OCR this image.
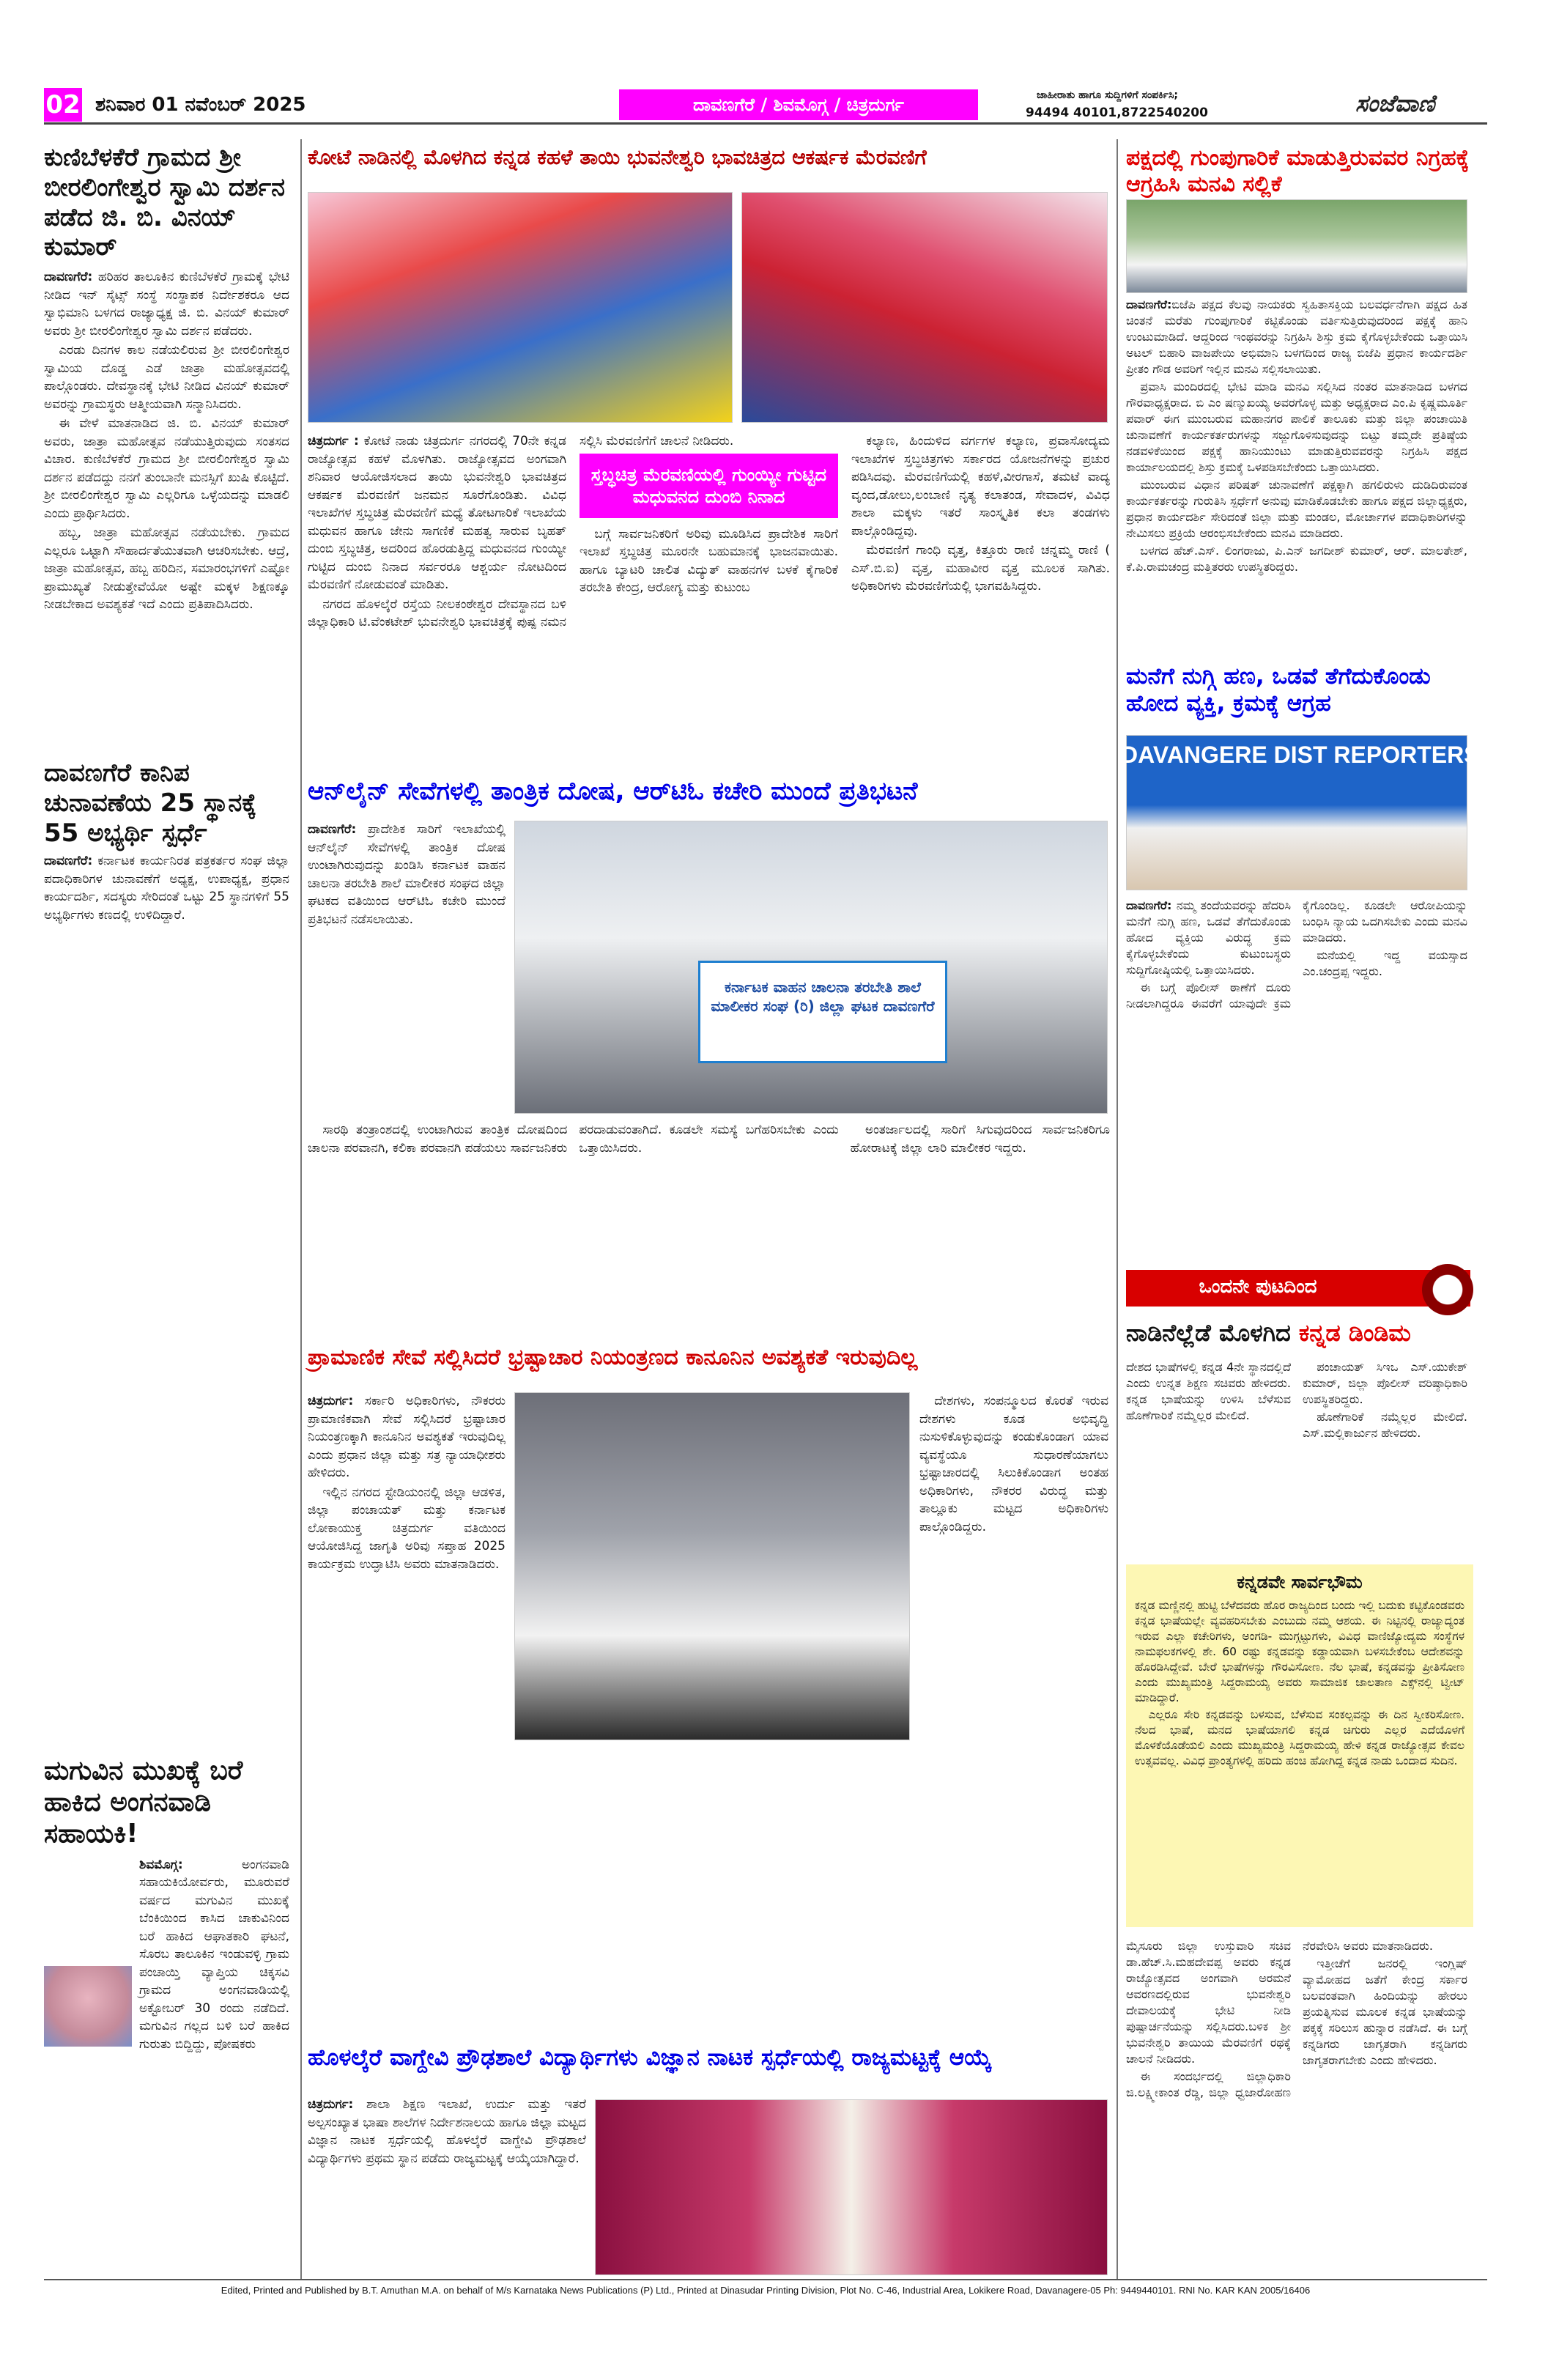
02 ಶನಿವಾರ 01 ನವೆಂಬರ್ 2025	ದಾವಣಗೆರೆ / ಶಿವಮೊಗ್ಗ / ಚಿತ್ರದುರ್ಗ	ಜಾಹೀರಾತು ಹಾಗೂ ಸುದ್ದಿಗಳಿಗೆ ಸಂಪರ್ಕಿಸಿ;
94494 40101,8722540200	ಸಂಜೆವಾಣಿ
ಕುಣಿಬೆಳಕೆರೆ ಗ್ರಾಮದ ಶ್ರೀ ಬೀರಲಿಂಗೇಶ್ವರ ಸ್ವಾಮಿ ದರ್ಶನ ಪಡೆದ ಜಿ. ಬಿ. ವಿನಯ್ ಕುಮಾರ್

ದಾವಣಗೆರೆ: ಹರಿಹರ ತಾಲೂಕಿನ ಕುಣಿಬೆಳಕೆರೆ ಗ್ರಾಮಕ್ಕೆ ಭೇಟಿ ನೀಡಿದ ಇನ್ ಸೈಟ್ಸ್ ಸಂಸ್ಥೆ ಸಂಸ್ಥಾಪಕ ನಿರ್ದೇಶಕರೂ ಆದ ಸ್ವಾಭಿಮಾನಿ ಬಳಗದ ರಾಜ್ಯಾಧ್ಯಕ್ಷ ಜಿ. ಬಿ. ವಿನಯ್ ಕುಮಾರ್ ಅವರು ಶ್ರೀ ಬೀರಲಿಂಗೇಶ್ವರ ಸ್ವಾಮಿ ದರ್ಶನ ಪಡೆದರು.

ಎರಡು ದಿನಗಳ ಕಾಲ ನಡೆಯಲಿರುವ ಶ್ರೀ ಬೀರಲಿಂಗೇಶ್ವರ ಸ್ವಾಮಿಯ ದೊಡ್ಡ ಎಡೆ ಜಾತ್ರಾ ಮಹೋತ್ಸವದಲ್ಲಿ ಪಾಲ್ಗೊಂಡರು. ದೇವಸ್ಥಾನಕ್ಕೆ ಭೇಟಿ ನೀಡಿದ ವಿನಯ್ ಕುಮಾರ್ ಅವರನ್ನು ಗ್ರಾಮಸ್ಥರು ಆತ್ಮೀಯವಾಗಿ ಸನ್ಮಾನಿಸಿದರು.

ಈ ವೇಳೆ ಮಾತನಾಡಿದ ಜಿ. ಬಿ. ವಿನಯ್ ಕುಮಾರ್ ಅವರು, ಜಾತ್ರಾ ಮಹೋತ್ಸವ ನಡೆಯುತ್ತಿರುವುದು ಸಂತಸದ ವಿಚಾರ. ಕುಣಿಬೆಳಕೆರೆ ಗ್ರಾಮದ ಶ್ರೀ ಬೀರಲಿಂಗೇಶ್ವರ ಸ್ವಾಮಿ ದರ್ಶನ ಪಡೆದದ್ದು ನನಗೆ ತುಂಬಾನೇ ಮನಸ್ಸಿಗೆ ಖುಷಿ ಕೊಟ್ಟಿದೆ. ಶ್ರೀ ಬೀರಲಿಂಗೇಶ್ವರ ಸ್ವಾಮಿ ಎಲ್ಲರಿಗೂ ಒಳ್ಳೆಯದನ್ನು ಮಾಡಲಿ ಎಂದು ಪ್ರಾರ್ಥಿಸಿದರು.

ಹಬ್ಬ, ಜಾತ್ರಾ ಮಹೋತ್ಸವ ನಡೆಯಬೇಕು. ಗ್ರಾಮದ ಎಲ್ಲರೂ ಒಟ್ಟಾಗಿ ಸೌಹಾರ್ದತೆಯುತವಾಗಿ ಆಚರಿಸಬೇಕು. ಆದ್ರೆ, ಜಾತ್ರಾ ಮಹೋತ್ಸವ, ಹಬ್ಬ ಹರಿದಿನ, ಸಮಾರಂಭಗಳಿಗೆ ಎಷ್ಟೋ ಪ್ರಾಮುಖ್ಯತೆ ನೀಡುತ್ತೇವೆಯೋ ಅಷ್ಟೇ ಮಕ್ಕಳ ಶಿಕ್ಷಣಕ್ಕೂ ನೀಡಬೇಕಾದ ಅವಶ್ಯಕತೆ ಇದೆ ಎಂದು ಪ್ರತಿಪಾದಿಸಿದರು.

ದಾವಣಗೆರೆ ಕಾನಿಪ ಚುನಾವಣೆಯ 25 ಸ್ಥಾನಕ್ಕೆ 55 ಅಭ್ಯರ್ಥಿ ಸ್ಪರ್ಧೆ

ದಾವಣಗೆರೆ: ಕರ್ನಾಟಕ ಕಾರ್ಯನಿರತ ಪತ್ರಕರ್ತರ ಸಂಘ ಜಿಲ್ಲಾ ಪದಾಧಿಕಾರಿಗಳ ಚುನಾವಣೆಗೆ ಅಧ್ಯಕ್ಷ, ಉಪಾಧ್ಯಕ್ಷ, ಪ್ರಧಾನ ಕಾರ್ಯದರ್ಶಿ, ಸದಸ್ಯರು ಸೇರಿದಂತೆ ಒಟ್ಟು 25 ಸ್ಥಾನಗಳಿಗೆ 55 ಅಭ್ಯರ್ಥಿಗಳು ಕಣದಲ್ಲಿ ಉಳಿದಿದ್ದಾರೆ.

ಮಗುವಿನ ಮುಖಕ್ಕೆ ಬರೆ ಹಾಕಿದ ಅಂಗನವಾಡಿ ಸಹಾಯಕಿ!

ಶಿವಮೊಗ್ಗ:	ಅಂಗನವಾಡಿ ಸಹಾಯಕಿಯೋರ್ವರು, ಮೂರುವರೆ ವರ್ಷದ ಮಗುವಿನ ಮುಖಕ್ಕೆ ಬೆಂಕಿಯಿಂದ ಕಾಸಿದ ಚಾಕುವಿನಿಂದ ಬರೆ ಹಾಕಿದ ಆಘಾತಕಾರಿ ಘಟನೆ, ಸೊರಬ ತಾಲೂಕಿನ ಇಂಡುವಳ್ಳಿ ಗ್ರಾಮ ಪಂಚಾಯ್ತಿ ವ್ಯಾಪ್ತಿಯ ಚಿಕ್ಕಸವಿ ಗ್ರಾಮದ ಅಂಗನವಾಡಿಯಲ್ಲಿ ಅಕ್ಟೋಬರ್ 30 ರಂದು ನಡೆದಿದೆ. ಮಗುವಿನ ಗಲ್ಲದ ಬಳಿ ಬರೆ ಹಾಕಿದ ಗುರುತು ಬಿದ್ದಿದ್ದು, ಪೋಷಕರು

ಕೋಟೆ ನಾಡಿನಲ್ಲಿ ಮೊಳಗಿದ ಕನ್ನಡ ಕಹಳೆ ತಾಯಿ ಭುವನೇಶ್ವರಿ ಭಾವಚಿತ್ರದ ಆಕರ್ಷಕ ಮೆರವಣಿಗೆ

ಚಿತ್ರದುರ್ಗ : ಕೋಟೆ ನಾಡು ಚಿತ್ರದುರ್ಗ ನಗರದಲ್ಲಿ 70ನೇ ಕನ್ನಡ ರಾಜ್ಯೋತ್ಸವ ಕಹಳೆ ಮೊಳಗಿತು. ರಾಜ್ಯೋತ್ಸವದ ಅಂಗವಾಗಿ ಶನಿವಾರ ಆಯೋಜಿಸಲಾದ ತಾಯಿ ಭುವನೇಶ್ವರಿ ಭಾವಚಿತ್ರದ ಆಕರ್ಷಕ ಮೆರವಣಿಗೆ ಜನಮನ ಸೂರೆಗೊಂಡಿತು. ವಿವಿಧ ಇಲಾಖೆಗಳ ಸ್ತಬ್ಧಚಿತ್ರ ಮೆರವಣಿಗೆ ಮಧ್ಯೆ ತೋಟಗಾರಿಕೆ ಇಲಾಖೆಯ ಮಧುವನ ಹಾಗೂ ಜೇನು ಸಾಗಣಿಕೆ ಮಹತ್ವ ಸಾರುವ ಬೃಹತ್ ದುಂಬಿ ಸ್ತಬ್ಧಚಿತ್ರ, ಅದರಿಂದ ಹೊರಡುತ್ತಿದ್ದ ಮಧುವನದ ಗುಂಯ್ಯೀ ಗುಟ್ಟಿದ ದುಂಬಿ ನಿನಾದ ಸರ್ವರರೂ ಆಶ್ಚರ್ಯ ನೋಟದಿಂದ ಮೆರವಣಿಗೆ ನೋಡುವಂತೆ ಮಾಡಿತು.

ನಗರದ ಹೊಳಲ್ಕೆರೆ ರಸ್ತೆಯ ನೀಲಕಂಠೇಶ್ವರ ದೇವಸ್ಥಾನದ ಬಳಿ ಜಿಲ್ಲಾಧಿಕಾರಿ ಟಿ.ವೆಂಕಟೇಶ್ ಭುವನೇಶ್ವರಿ ಭಾವಚಿತ್ರಕ್ಕೆ ಪುಷ್ಪ ನಮನ ಸಲ್ಲಿಸಿ ಮೆರವಣಿಗೆಗೆ ಚಾಲನೆ ನೀಡಿದರು.

ಸ್ತಬ್ಧಚಿತ್ರ ಮೆರವಣಿಯಲ್ಲಿ ಗುಂಯ್ಯೀ ಗುಟ್ಟಿದ ಮಧುವನದ ದುಂಬಿ ನಿನಾದ

ಬಗ್ಗೆ ಸಾರ್ವಜನಿಕರಿಗೆ ಅರಿವು ಮೂಡಿಸಿದ ಪ್ರಾದೇಶಿಕ ಸಾರಿಗೆ ಇಲಾಖೆ ಸ್ತಬ್ಧಚಿತ್ರ ಮೂರನೇ ಬಹುಮಾನಕ್ಕೆ ಭಾಜನವಾಯಿತು. ಹಾಗೂ ಬ್ಯಾಟರಿ ಚಾಲಿತ ವಿದ್ಯುತ್ ವಾಹನಗಳ ಬಳಕೆ ಕೈಗಾರಿಕೆ ತರಬೇತಿ ಕೇಂದ್ರ, ಆರೋಗ್ಯ ಮತ್ತು ಕುಟುಂಬ

ಕಲ್ಯಾಣ, ಹಿಂದುಳಿದ ವರ್ಗಗಳ ಕಲ್ಯಾಣ, ಪ್ರವಾಸೋದ್ಯಮ ಇಲಾಖೆಗಳ ಸ್ತಬ್ಧಚಿತ್ರಗಳು ಸರ್ಕಾರದ ಯೋಜನೆಗಳನ್ನು ಪ್ರಚುರ ಪಡಿಸಿದವು. ಮೆರವಣಿಗೆಯಲ್ಲಿ ಕಹಳೆ,ವೀರಗಾಸೆ, ತಮಟೆ ವಾದ್ಯ ವೃಂದ,ಡೋಲು,ಲಂಬಾಣಿ ನೃತ್ಯ ಕಲಾತಂಡ, ಸೇವಾದಳ, ವಿವಿಧ ಶಾಲಾ ಮಕ್ಕಳು ಇತರೆ ಸಾಂಸ್ಕೃತಿಕ ಕಲಾ ತಂಡಗಳು ಪಾಲ್ಗೊಂಡಿದ್ದವು.

ಮೆರವಣಿಗೆ ಗಾಂಧಿ ವೃತ್ತ, ಕಿತ್ತೂರು ರಾಣಿ ಚನ್ನಮ್ಮ ರಾಣಿ ( ಎಸ್.ಬಿ.ಐ) ವೃತ್ತ, ಮಹಾವೀರ ವೃತ್ತ ಮೂಲಕ ಸಾಗಿತು. ಅಧಿಕಾರಿಗಳು ಮೆರವಣಿಗೆಯಲ್ಲಿ ಭಾಗವಹಿಸಿದ್ದರು.

ಆನ್‌ಲೈನ್ ಸೇವೆಗಳಲ್ಲಿ ತಾಂತ್ರಿಕ ದೋಷ, ಆರ್‌ಟಿಓ ಕಚೇರಿ ಮುಂದೆ ಪ್ರತಿಭಟನೆ

ದಾವಣಗೆರೆ: ಪ್ರಾದೇಶಿಕ ಸಾರಿಗೆ ಇಲಾಖೆಯಲ್ಲಿ ಆನ್‌ಲೈನ್ ಸೇವೆಗಳಲ್ಲಿ ತಾಂತ್ರಿಕ ದೋಷ ಉಂಟಾಗಿರುವುದನ್ನು ಖಂಡಿಸಿ ಕರ್ನಾಟಕ ವಾಹನ ಚಾಲನಾ ತರಬೇತಿ ಶಾಲೆ ಮಾಲೀಕರ ಸಂಘದ ಜಿಲ್ಲಾ ಘಟಕದ ವತಿಯಿಂದ ಆರ್‌ಟಿಓ ಕಚೇರಿ ಮುಂದೆ ಪ್ರತಿಭಟನೆ ನಡೆಸಲಾಯಿತು.

ಕರ್ನಾಟಕ ವಾಹನ ಚಾಲನಾ ತರಬೇತಿ ಶಾಲೆ ಮಾಲೀಕರ ಸಂಘ (ರಿ) ಜಿಲ್ಲಾ ಘಟಕ ದಾವಣಗೆರೆ

ಸಾರಥಿ ತಂತ್ರಾಂಶದಲ್ಲಿ ಉಂಟಾಗಿರುವ ತಾಂತ್ರಿಕ ದೋಷದಿಂದ ಚಾಲನಾ ಪರವಾನಗಿ, ಕಲಿಕಾ ಪರವಾನಗಿ ಪಡೆಯಲು ಸಾರ್ವಜನಿಕರು ಪರದಾಡುವಂತಾಗಿದೆ. ಕೂಡಲೇ ಸಮಸ್ಯೆ ಬಗೆಹರಿಸಬೇಕು ಎಂದು ಒತ್ತಾಯಿಸಿದರು.

ಅಂತರ್ಜಾಲದಲ್ಲಿ ಸಾರಿಗೆ ಸಿಗುವುದರಿಂದ ಸಾರ್ವಜನಿಕರಿಗೂ ಹೋರಾಟಕ್ಕೆ ಜಿಲ್ಲಾ ಲಾರಿ ಮಾಲೀಕರ ಇದ್ದರು.

ಪ್ರಾಮಾಣಿಕ ಸೇವೆ ಸಲ್ಲಿಸಿದರೆ ಭ್ರಷ್ಟಾಚಾರ ನಿಯಂತ್ರಣದ ಕಾನೂನಿನ ಅವಶ್ಯಕತೆ ಇರುವುದಿಲ್ಲ

ಚಿತ್ರದುರ್ಗ: ಸರ್ಕಾರಿ ಅಧಿಕಾರಿಗಳು, ನೌಕರರು ಪ್ರಾಮಾಣಿಕವಾಗಿ ಸೇವೆ ಸಲ್ಲಿಸಿದರೆ ಭ್ರಷ್ಟಾಚಾರ ನಿಯಂತ್ರಣಕ್ಕಾಗಿ ಕಾನೂನಿನ ಅವಶ್ಯಕತೆ ಇರುವುದಿಲ್ಲ ಎಂದು ಪ್ರಧಾನ ಜಿಲ್ಲಾ ಮತ್ತು ಸತ್ರ ನ್ಯಾಯಾಧೀಶರು ಹೇಳಿದರು.

ಇಲ್ಲಿನ ನಗರದ ಸ್ಟೇಡಿಯಂನಲ್ಲಿ ಜಿಲ್ಲಾ ಆಡಳಿತ, ಜಿಲ್ಲಾ ಪಂಚಾಯತ್ ಮತ್ತು ಕರ್ನಾಟಕ ಲೋಕಾಯುಕ್ತ ಚಿತ್ರದುರ್ಗ ವತಿಯಿಂದ ಆಯೋಜಿಸಿದ್ದ ಜಾಗೃತಿ ಅರಿವು ಸಪ್ತಾಹ 2025 ಕಾರ್ಯಕ್ರಮ ಉದ್ಘಾಟಿಸಿ ಅವರು ಮಾತನಾಡಿದರು.

ದೇಶಗಳು, ಸಂಪನ್ಮೂಲದ ಕೊರತೆ ಇರುವ ದೇಶಗಳು ಕೂಡ ಅಭಿವೃದ್ಧಿ ನುಸುಳಿಕೊಳ್ಳುವುದನ್ನು ಕಂಡುಕೊಂಡಾಗ ಯಾವ ವ್ಯವಸ್ಥೆಯೂ ಸುಧಾರಣೆಯಾಗಲು ಭ್ರಷ್ಟಾಚಾರದಲ್ಲಿ ಸಿಲುಕಿಕೊಂಡಾಗ ಅಂತಹ ಅಧಿಕಾರಿಗಳು, ನೌಕರರ ವಿರುದ್ಧ ಮತ್ತು ತಾಲ್ಲೂಕು ಮಟ್ಟದ ಅಧಿಕಾರಿಗಳು ಪಾಲ್ಗೊಂಡಿದ್ದರು.

ಹೊಳಲ್ಕೆರೆ ವಾಗ್ದೇವಿ ಪ್ರೌಢಶಾಲೆ ವಿದ್ಯಾರ್ಥಿಗಳು ವಿಜ್ಞಾನ ನಾಟಕ ಸ್ಪರ್ಧೆಯಲ್ಲಿ ರಾಜ್ಯಮಟ್ಟಕ್ಕೆ ಆಯ್ಕೆ

ಚಿತ್ರದುರ್ಗ: ಶಾಲಾ ಶಿಕ್ಷಣ ಇಲಾಖೆ, ಉರ್ದು ಮತ್ತು ಇತರೆ ಅಲ್ಪಸಂಖ್ಯಾತ ಭಾಷಾ ಶಾಲೆಗಳ ನಿರ್ದೇಶನಾಲಯ ಹಾಗೂ ಜಿಲ್ಲಾ ಮಟ್ಟದ ವಿಜ್ಞಾನ ನಾಟಕ ಸ್ಪರ್ಧೆಯಲ್ಲಿ ಹೊಳಲ್ಕೆರೆ ವಾಗ್ದೇವಿ ಪ್ರೌಢಶಾಲೆ ವಿದ್ಯಾರ್ಥಿಗಳು ಪ್ರಥಮ ಸ್ಥಾನ ಪಡೆದು ರಾಜ್ಯಮಟ್ಟಕ್ಕೆ ಆಯ್ಕೆಯಾಗಿದ್ದಾರೆ.

ಪಕ್ಷದಲ್ಲಿ ಗುಂಪುಗಾರಿಕೆ ಮಾಡುತ್ತಿರುವವರ ನಿಗ್ರಹಕ್ಕೆ ಆಗ್ರಹಿಸಿ ಮನವಿ ಸಲ್ಲಿಕೆ

ದಾವಣಗೆರೆ:ಬಿಜೆಪಿ ಪಕ್ಷದ ಕೆಲವು ನಾಯಕರು ಸ್ವಹಿತಾಸಕ್ತಿಯ ಬಲವರ್ಧನೆಗಾಗಿ ಪಕ್ಷದ ಹಿತ ಚಿಂತನೆ ಮರೆತು ಗುಂಪುಗಾರಿಕೆ ಕಟ್ಟಿಕೊಂಡು ವರ್ತಿಸುತ್ತಿರುವುದರಿಂದ ಪಕ್ಷಕ್ಕೆ ಹಾನಿ ಉಂಟುಮಾಡಿದೆ. ಆದ್ದರಿಂದ ಇಂಥವರನ್ನು ನಿಗ್ರಹಿಸಿ ಶಿಸ್ತು ಕ್ರಮ ಕೈಗೊಳ್ಳಬೇಕೆಂದು ಒತ್ತಾಯಿಸಿ ಅಟಲ್ ಬಿಹಾರಿ ವಾಜಪೇಯಿ ಅಭಿಮಾನಿ ಬಳಗದಿಂದ ರಾಜ್ಯ ಬಿಜೆಪಿ ಪ್ರಧಾನ ಕಾರ್ಯದರ್ಶಿ ಪ್ರೀತಂ ಗೌಡ ಅವರಿಗೆ ಇಲ್ಲಿನ ಮನವಿ ಸಲ್ಲಿಸಲಾಯಿತು.

ಪ್ರವಾಸಿ ಮಂದಿರದಲ್ಲಿ ಭೇಟಿ ಮಾಡಿ ಮನವಿ ಸಲ್ಲಿಸಿದ ನಂತರ ಮಾತನಾಡಿದ ಬಳಗದ ಗೌರವಾಧ್ಯಕ್ಷರಾದ. ಬಿ ಎಂ ಷಣ್ಮುಖಯ್ಯ ಅವರಗೊಳ್ಳ ಮತ್ತು ಅಧ್ಯಕ್ಷರಾದ ಎಂ.ಪಿ ಕೃಷ್ಣಮೂರ್ತಿ ಪವಾರ್ ಈಗ ಮುಂಬರುವ ಮಹಾನಗರ ಪಾಲಿಕೆ ತಾಲೂಕು ಮತ್ತು ಜಿಲ್ಲಾ ಪಂಚಾಯಿತಿ ಚುನಾವಣೆಗೆ ಕಾರ್ಯಕರ್ತರುಗಳನ್ನು ಸಜ್ಜುಗೊಳಿಸುವುದನ್ನು ಬಿಟ್ಟು ತಮ್ಮದೇ ಪ್ರತಿಷ್ಠೆಯ ನಡವಳಿಕೆಯಿಂದ ಪಕ್ಷಕ್ಕೆ ಹಾನಿಯುಂಟು ಮಾಡುತ್ತಿರುವವರನ್ನು ನಿಗ್ರಹಿಸಿ ಪಕ್ಷದ ಕಾರ್ಯಾಲಯದಲ್ಲಿ ಶಿಸ್ತು ಕ್ರಮಕ್ಕೆ ಒಳಪಡಿಸಬೇಕೆಂದು ಒತ್ತಾಯಿಸಿದರು.

ಮುಂಬರುವ ವಿಧಾನ ಪರಿಷತ್ ಚುನಾವಣೆಗೆ ಪಕ್ಷಕ್ಕಾಗಿ ಹಗಲಿರುಳು ದುಡಿದಿರುವಂತ ಕಾರ್ಯಕರ್ತರನ್ನು ಗುರುತಿಸಿ ಸ್ಪರ್ಧೆಗೆ ಅನುವು ಮಾಡಿಕೊಡಬೇಕು ಹಾಗೂ ಪಕ್ಷದ ಜಿಲ್ಲಾಧ್ಯಕ್ಷರು, ಪ್ರಧಾನ ಕಾರ್ಯದರ್ಶಿ ಸೇರಿದಂತೆ ಜಿಲ್ಲಾ ಮತ್ತು ಮಂಡಲ, ಮೋರ್ಚಾಗಳ ಪದಾಧಿಕಾರಿಗಳನ್ನು ನೇಮಿಸಲು ಪ್ರಕ್ರಿಯೆ ಆರಂಭಿಸಬೇಕೆಂದು ಮನವಿ ಮಾಡಿದರು.

ಬಳಗದ ಹೆಚ್.ಎಸ್. ಲಿಂಗರಾಜು, ಪಿ.ಎನ್ ಜಗದೀಶ್ ಕುಮಾರ್, ಆರ್. ಮಾಲತೇಶ್, ಕೆ.ಪಿ.ರಾಮಚಂದ್ರ ಮತ್ತಿತರರು ಉಪಸ್ಥಿತರಿದ್ದರು.

ಮನೆಗೆ ನುಗ್ಗಿ ಹಣ, ಒಡವೆ ತೆಗೆದುಕೊಂಡು ಹೋದ ವ್ಯಕ್ತಿ, ಕ್ರಮಕ್ಕೆ ಆಗ್ರಹ
DAVANGERE DIST REPORTERS GUILD

ದಾವಣಗೆರೆ: ನಮ್ಮ ತಂದೆಯವರನ್ನು ಹೆದರಿಸಿ ಮನೆಗೆ ನುಗ್ಗಿ ಹಣ, ಒಡವೆ ತೆಗೆದುಕೊಂಡು ಹೋದ ವ್ಯಕ್ತಿಯ ವಿರುದ್ಧ ಕ್ರಮ ಕೈಗೊಳ್ಳಬೇಕೆಂದು ಕುಟುಂಬಸ್ಥರು ಸುದ್ದಿಗೋಷ್ಠಿಯಲ್ಲಿ ಒತ್ತಾಯಿಸಿದರು.

ಈ ಬಗ್ಗೆ ಪೊಲೀಸ್ ಠಾಣೆಗೆ ದೂರು ನೀಡಲಾಗಿದ್ದರೂ ಈವರೆಗೆ ಯಾವುದೇ ಕ್ರಮ ಕೈಗೊಂಡಿಲ್ಲ. ಕೂಡಲೇ ಆರೋಪಿಯನ್ನು ಬಂಧಿಸಿ ನ್ಯಾಯ ಒದಗಿಸಬೇಕು ಎಂದು ಮನವಿ ಮಾಡಿದರು.

ಮನೆಯಲ್ಲಿ ಇದ್ದ ವಯಸ್ಸಾದ ಎಂ.ಚಂದ್ರಪ್ಪ ಇದ್ದರು.

ಒಂದನೇ ಪುಟದಿಂದ
ನಾಡಿನೆಲ್ಲೆಡೆ ಮೊಳಗಿದ ಕನ್ನಡ ಡಿಂಡಿಮ

ದೇಶದ ಭಾಷೆಗಳಲ್ಲಿ ಕನ್ನಡ 4ನೇ ಸ್ಥಾನದಲ್ಲಿದೆ ಎಂದು ಉನ್ನತ ಶಿಕ್ಷಣ ಸಚಿವರು ಹೇಳಿದರು. ಕನ್ನಡ ಭಾಷೆಯನ್ನು ಉಳಿಸಿ ಬೆಳೆಸುವ ಹೊಣೆಗಾರಿಕೆ ನಮ್ಮೆಲ್ಲರ ಮೇಲಿದೆ.

ಪಂಚಾಯತ್ ಸಿಇಒ ಎಸ್.ಯುಕೇಶ್ ಕುಮಾರ್, ಜಿಲ್ಲಾ ಪೊಲೀಸ್ ವರಿಷ್ಠಾಧಿಕಾರಿ ಉಪಸ್ಥಿತರಿದ್ದರು.

ಹೊಣೆಗಾರಿಕೆ ನಮ್ಮೆಲ್ಲರ ಮೇಲಿದೆ. ಎಸ್.ಮಲ್ಲಿಕಾರ್ಜುನ ಹೇಳಿದರು.

ಕನ್ನಡವೇ ಸಾರ್ವಭೌಮ

ಕನ್ನಡ ಮಣ್ಣಿನಲ್ಲಿ ಹುಟ್ಟಿ ಬೆಳೆದವರು ಹೊರ ರಾಜ್ಯದಿಂದ ಬಂದು ಇಲ್ಲಿ ಬದುಕು ಕಟ್ಟಿಕೊಂಡವರು ಕನ್ನಡ ಭಾಷೆಯಲ್ಲೇ ವ್ಯವಹರಿಸಬೇಕು ಎಂಬುದು ನಮ್ಮ ಆಶಯ. ಈ ನಿಟ್ಟಿನಲ್ಲಿ ರಾಜ್ಯಾದ್ಯಂತ ಇರುವ ಎಲ್ಲಾ ಕಚೇರಿಗಳು, ಅಂಗಡಿ- ಮುಗ್ಗಟ್ಟುಗಳು, ವಿವಿಧ ವಾಣಿಜ್ಯೋದ್ಯಮ ಸಂಸ್ಥೆಗಳ ನಾಮಫಲಕಗಳಲ್ಲಿ ಶೇ. 60 ರಷ್ಟು ಕನ್ನಡವನ್ನು ಕಡ್ಡಾಯವಾಗಿ ಬಳಸಬೇಕೆಂಬ ಆದೇಶವನ್ನು ಹೊರಡಿಸಿದ್ದೇವೆ. ಬೇರೆ ಭಾಷೆಗಳನ್ನು ಗೌರವಿಸೋಣ. ನೆಲ ಭಾಷೆ, ಕನ್ನಡವನ್ನು ಪ್ರೀತಿಸೋಣ ಎಂದು ಮುಖ್ಯಮಂತ್ರಿ ಸಿದ್ದರಾಮಯ್ಯ ಅವರು ಸಾಮಾಜಿಕ ಜಾಲತಾಣ ಎಕ್ಸ್‌ನಲ್ಲಿ ಟ್ವೀಟ್ ಮಾಡಿದ್ದಾರೆ.

ಎಲ್ಲರೂ ಸೇರಿ ಕನ್ನಡವನ್ನು ಬಳಸುವ, ಬೆಳೆಸುವ ಸಂಕಲ್ಪವನ್ನು ಈ ದಿನ ಸ್ವೀಕರಿಸೋಣ. ನೆಲದ ಭಾಷೆ, ಮನದ ಭಾಷೆಯಾಗಲಿ ಕನ್ನಡ ಚಿಗುರು ಎಲ್ಲರ ಎದೆಯೊಳಗೆ ಮೊಳಕೆಯೊಡೆಯಲಿ ಎಂದು ಮುಖ್ಯಮಂತ್ರಿ ಸಿದ್ದರಾಮಯ್ಯ ಹೇಳಿ ಕನ್ನಡ ರಾಜ್ಯೋತ್ಸವ ಕೇವಲ ಉತ್ಸವವಲ್ಲ. ವಿವಿಧ ಪ್ರಾಂತ್ಯಗಳಲ್ಲಿ ಹರಿದು ಹಂಚಿ ಹೋಗಿದ್ದ ಕನ್ನಡ ನಾಡು ಒಂದಾದ ಸುದಿನ.

ಮೈಸೂರು ಜಿಲ್ಲಾ ಉಸ್ತುವಾರಿ ಸಚಿವ ಡಾ.ಹೆಚ್.ಸಿ.ಮಹದೇವಪ್ಪ ಅವರು ಕನ್ನಡ ರಾಜ್ಯೋತ್ಸವದ ಅಂಗವಾಗಿ ಅರಮನೆ ಆವರಣದಲ್ಲಿರುವ ಭುವನೇಶ್ವರಿ ದೇವಾಲಯಕ್ಕೆ ಭೇಟಿ ನೀಡಿ ಪುಷ್ಪಾರ್ಚನೆಯನ್ನು ಸಲ್ಲಿಸಿದರು.ಬಳಿಕ ಶ್ರೀ ಭುವನೇಶ್ವರಿ ತಾಯಿಯ ಮೆರವಣಿಗೆ ರಥಕ್ಕೆ ಚಾಲನೆ ನೀಡಿದರು.

ಈ ಸಂದರ್ಭದಲ್ಲಿ ಜಿಲ್ಲಾಧಿಕಾರಿ ಜಿ.ಲಕ್ಷ್ಮೀಕಾಂತ ರೆಡ್ಡಿ, ಜಿಲ್ಲಾ ಧ್ವಜಾರೋಹಣ ನೆರವೇರಿಸಿ ಅವರು ಮಾತನಾಡಿದರು.

ಇತ್ತೀಚೆಗೆ ಜನರಲ್ಲಿ ಇಂಗ್ಲಿಷ್ ವ್ಯಾಮೋಹದ ಜತೆಗೆ ಕೇಂದ್ರ ಸರ್ಕಾರ ಬಲವಂತವಾಗಿ ಹಿಂದಿಯನ್ನು ಹೇರಲು ಪ್ರಯತ್ನಿಸುವ ಮೂಲಕ ಕನ್ನಡ ಭಾಷೆಯನ್ನು ಪಕ್ಕಕ್ಕೆ ಸರಿಲುಸ ಹುನ್ನಾರ ನಡೆಸಿದೆ. ಈ ಬಗ್ಗೆ ಕನ್ನಡಿಗರು ಜಾಗೃತರಾಗಿ ಕನ್ನಡಿಗರು ಜಾಗೃತರಾಗಬೇಕು ಎಂದು ಹೇಳಿದರು.

Edited, Printed and Published by B.T. Amuthan M.A. on behalf of M/s Karnataka News Publications (P) Ltd., Printed at Dinasudar Printing Division, Plot No. C-46, Industrial Area, Lokikere Road, Davanagere-05 Ph: 9449440101. RNI No. KAR KAN 2005/16406
